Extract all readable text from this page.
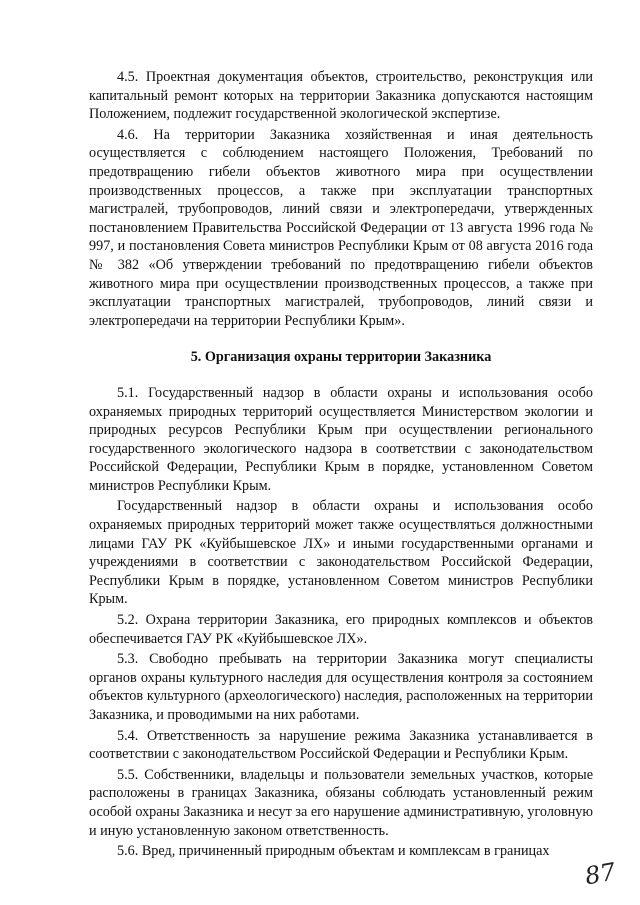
4.5. Проектная документация объектов, строительство, реконструкция или капитальный ремонт которых на территории Заказника допускаются настоящим Положением, подлежит государственной экологической экспертизе.

4.6. На территории Заказника хозяйственная и иная деятельность осуществляется с соблюдением настоящего Положения, Требований по предотвращению гибели объектов животного мира при осуществлении производственных процессов, а также при эксплуатации транспортных магистралей, трубопроводов, линий связи и электропередачи, утвержденных постановлением Правительства Российской Федерации от 13 августа 1996 года № 997, и постановления Совета министров Республики Крым от 08 августа 2016 года № 382 «Об утверждении требований по предотвращению гибели объектов животного мира при осуществлении производственных процессов, а также при эксплуатации транспортных магистралей, трубопроводов, линий связи и электропередачи на территории Республики Крым».

5. Организация охраны территории Заказника

5.1. Государственный надзор в области охраны и использования особо охраняемых природных территорий осуществляется Министерством экологии и природных ресурсов Республики Крым при осуществлении регионального государственного экологического надзора в соответствии с законодательством Российской Федерации, Республики Крым в порядке, установленном Советом министров Республики Крым.

Государственный надзор в области охраны и использования особо охраняемых природных территорий может также осуществляться должностными лицами ГАУ РК «Куйбышевское ЛХ» и иными государственными органами и учреждениями в соответствии с законодательством Российской Федерации, Республики Крым в порядке, установленном Советом министров Республики Крым.

5.2. Охрана территории Заказника, его природных комплексов и объектов обеспечивается ГАУ РК «Куйбышевское ЛХ».

5.3. Свободно пребывать на территории Заказника могут специалисты органов охраны культурного наследия для осуществления контроля за состоянием объектов культурного (археологического) наследия, расположенных на территории Заказника, и проводимыми на них работами.

5.4. Ответственность за нарушение режима Заказника устанавливается в соответствии с законодательством Российской Федерации и Республики Крым.

5.5. Собственники, владельцы и пользователи земельных участков, которые расположены в границах Заказника, обязаны соблюдать установленный режим особой охраны Заказника и несут за его нарушение административную, уголовную и иную установленную законом ответственность.

5.6. Вред, причиненный природным объектам и комплексам в границах

87
